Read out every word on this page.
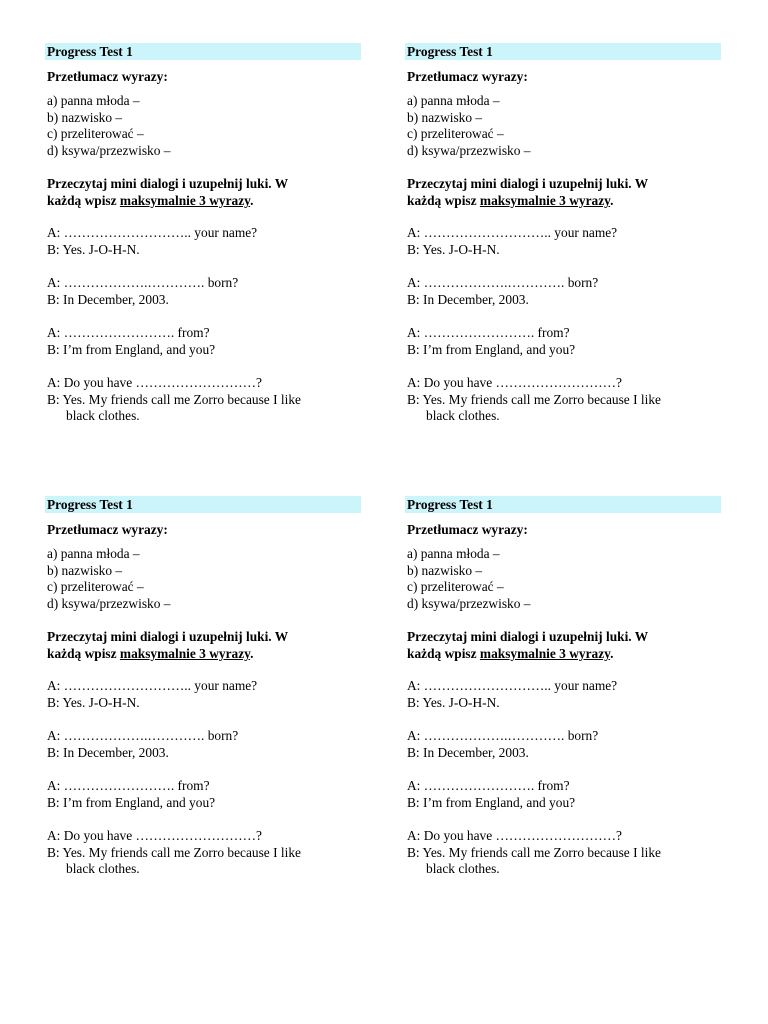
Progress Test 1
Przetłumacz wyrazy:
a) panna młoda –
b) nazwisko –
c) przeliterować –
d) ksywa/przezwisko –
Przeczytaj mini dialogi i uzupełnij luki. W
każdą wpisz maksymalnie 3 wyrazy.
A: ……………………….. your name?
B: Yes. J-O-H-N.
A: ……………….…………. born?
B: In December, 2003.
A: ……………………. from?
B: I’m from England, and you?
A: Do you have ………………………?
B: Yes. My friends call me Zorro because I like
black clothes.
Progress Test 1
Przetłumacz wyrazy:
a) panna młoda –
b) nazwisko –
c) przeliterować –
d) ksywa/przezwisko –
Przeczytaj mini dialogi i uzupełnij luki. W
każdą wpisz maksymalnie 3 wyrazy.
A: ……………………….. your name?
B: Yes. J-O-H-N.
A: ……………….…………. born?
B: In December, 2003.
A: ……………………. from?
B: I’m from England, and you?
A: Do you have ………………………?
B: Yes. My friends call me Zorro because I like
black clothes.
Progress Test 1
Przetłumacz wyrazy:
a) panna młoda –
b) nazwisko –
c) przeliterować –
d) ksywa/przezwisko –
Przeczytaj mini dialogi i uzupełnij luki. W
każdą wpisz maksymalnie 3 wyrazy.
A: ……………………….. your name?
B: Yes. J-O-H-N.
A: ……………….…………. born?
B: In December, 2003.
A: ……………………. from?
B: I’m from England, and you?
A: Do you have ………………………?
B: Yes. My friends call me Zorro because I like
black clothes.
Progress Test 1
Przetłumacz wyrazy:
a) panna młoda –
b) nazwisko –
c) przeliterować –
d) ksywa/przezwisko –
Przeczytaj mini dialogi i uzupełnij luki. W
każdą wpisz maksymalnie 3 wyrazy.
A: ……………………….. your name?
B: Yes. J-O-H-N.
A: ……………….…………. born?
B: In December, 2003.
A: ……………………. from?
B: I’m from England, and you?
A: Do you have ………………………?
B: Yes. My friends call me Zorro because I like
black clothes.
